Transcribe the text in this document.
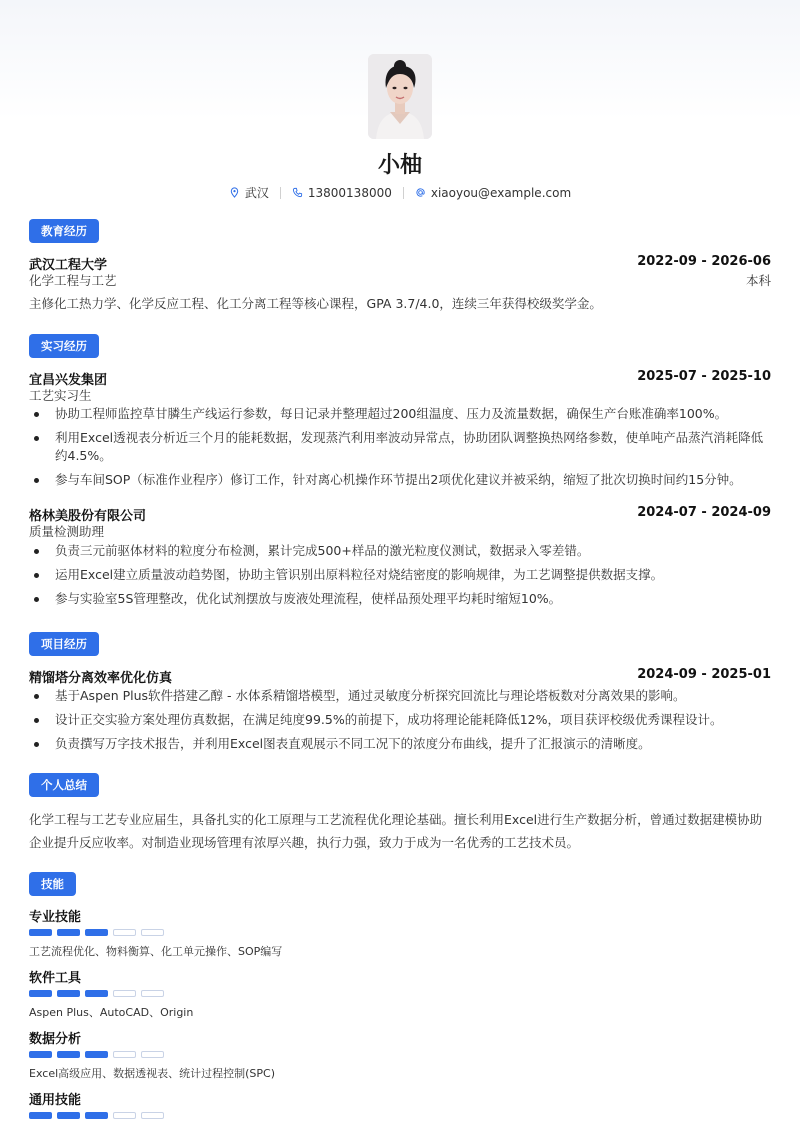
小柚
武汉	13800138000	xiaoyou@example.com
教育经历
武汉工程大学	2022-09 - 2026-06
化学工程与工艺	本科
主修化工热力学、化学反应工程、化工分离工程等核心课程，GPA 3.7/4.0，连续三年获得校级奖学金。
实习经历
宜昌兴发集团	2025-07 - 2025-10
工艺实习生
协助工程师监控草甘膦生产线运行参数，每日记录并整理超过200组温度、压力及流量数据，确保生产台账准确率100%。
利用Excel透视表分析近三个月的能耗数据，发现蒸汽利用率波动异常点，协助团队调整换热网络参数，使单吨产品蒸汽消耗降低约4.5%。
参与车间SOP（标准作业程序）修订工作，针对离心机操作环节提出2项优化建议并被采纳，缩短了批次切换时间约15分钟。
格林美股份有限公司	2024-07 - 2024-09
质量检测助理
负责三元前驱体材料的粒度分布检测，累计完成500+样品的激光粒度仪测试，数据录入零差错。
运用Excel建立质量波动趋势图，协助主管识别出原料粒径对烧结密度的影响规律，为工艺调整提供数据支撑。
参与实验室5S管理整改，优化试剂摆放与废液处理流程，使样品预处理平均耗时缩短10%。
项目经历
精馏塔分离效率优化仿真	2024-09 - 2025-01
基于Aspen Plus软件搭建乙醇 - 水体系精馏塔模型，通过灵敏度分析探究回流比与理论塔板数对分离效果的影响。
设计正交实验方案处理仿真数据，在满足纯度99.5%的前提下，成功将理论能耗降低12%，项目获评校级优秀课程设计。
负责撰写万字技术报告，并利用Excel图表直观展示不同工况下的浓度分布曲线，提升了汇报演示的清晰度。
个人总结
化学工程与工艺专业应届生，具备扎实的化工原理与工艺流程优化理论基础。擅长利用Excel进行生产数据分析，曾通过数据建模协助企业提升反应收率。对制造业现场管理有浓厚兴趣，执行力强，致力于成为一名优秀的工艺技术员。
技能
专业技能
工艺流程优化、物料衡算、化工单元操作、SOP编写
软件工具
Aspen Plus、AutoCAD、Origin
数据分析
Excel高级应用、数据透视表、统计过程控制(SPC)
通用技能
